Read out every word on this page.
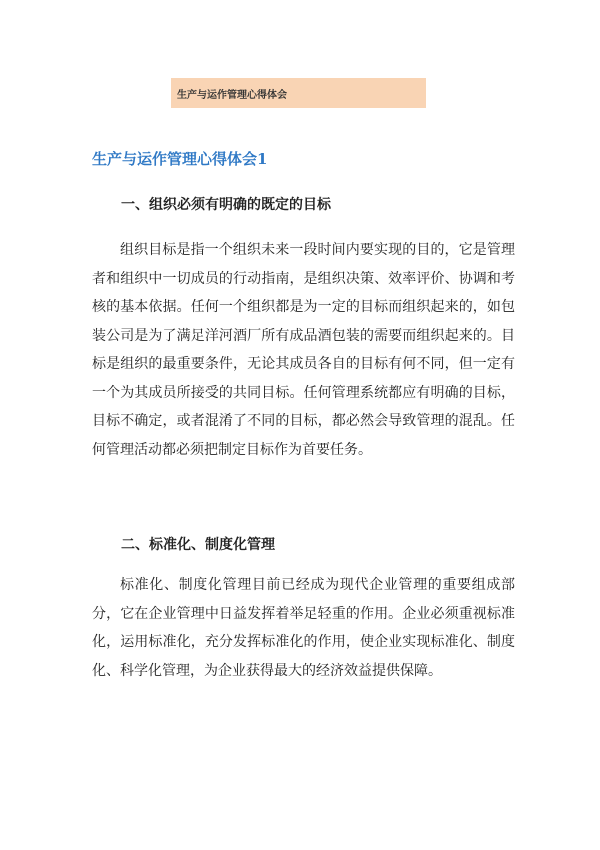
生产与运作管理心得体会
生产与运作管理心得体会1
一、组织必须有明确的既定的目标
组织目标是指一个组织未来一段时间内要实现的目的，它是管理者和组织中一切成员的行动指南，是组织决策、效率评价、协调和考核的基本依据。任何一个组织都是为一定的目标而组织起来的，如包装公司是为了满足洋河酒厂所有成品酒包装的需要而组织起来的。目标是组织的最重要条件，无论其成员各自的目标有何不同，但一定有一个为其成员所接受的共同目标。任何管理系统都应有明确的目标，目标不确定，或者混淆了不同的目标，都必然会导致管理的混乱。任何管理活动都必须把制定目标作为首要任务。
二、标准化、制度化管理
标准化、制度化管理目前已经成为现代企业管理的重要组成部分，它在企业管理中日益发挥着举足轻重的作用。企业必须重视标准化，运用标准化，充分发挥标准化的作用，使企业实现标准化、制度化、科学化管理，为企业获得最大的经济效益提供保障。
